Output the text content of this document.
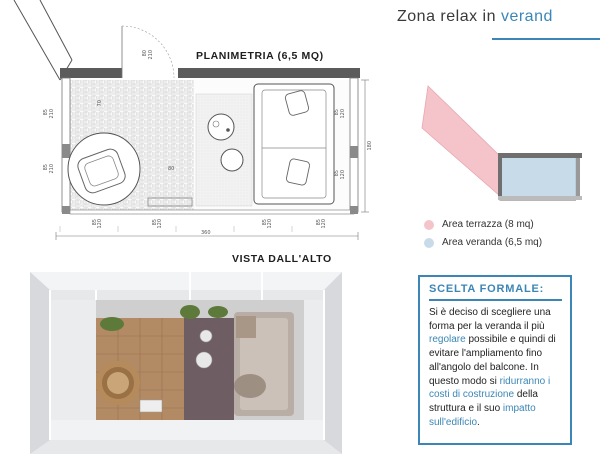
Zona relax in verand
PLANIMETRIA (6,5 MQ)
80 210
85 210
85 210
85 120
85 120
180
70
80
360
85 120	85 120	85 120	85 120
VISTA DALL'ALTO
Area terrazza (8 mq)
Area veranda (6,5 mq)
SCELTA FORMALE:
Si è deciso di scegliere una forma per la veranda il più regolare possibile e quindi di evitare l'ampliamento fino all'angolo del balcone. In questo modo si ridurranno i costi di costruzione della struttura e il suo impatto sull'edificio.
